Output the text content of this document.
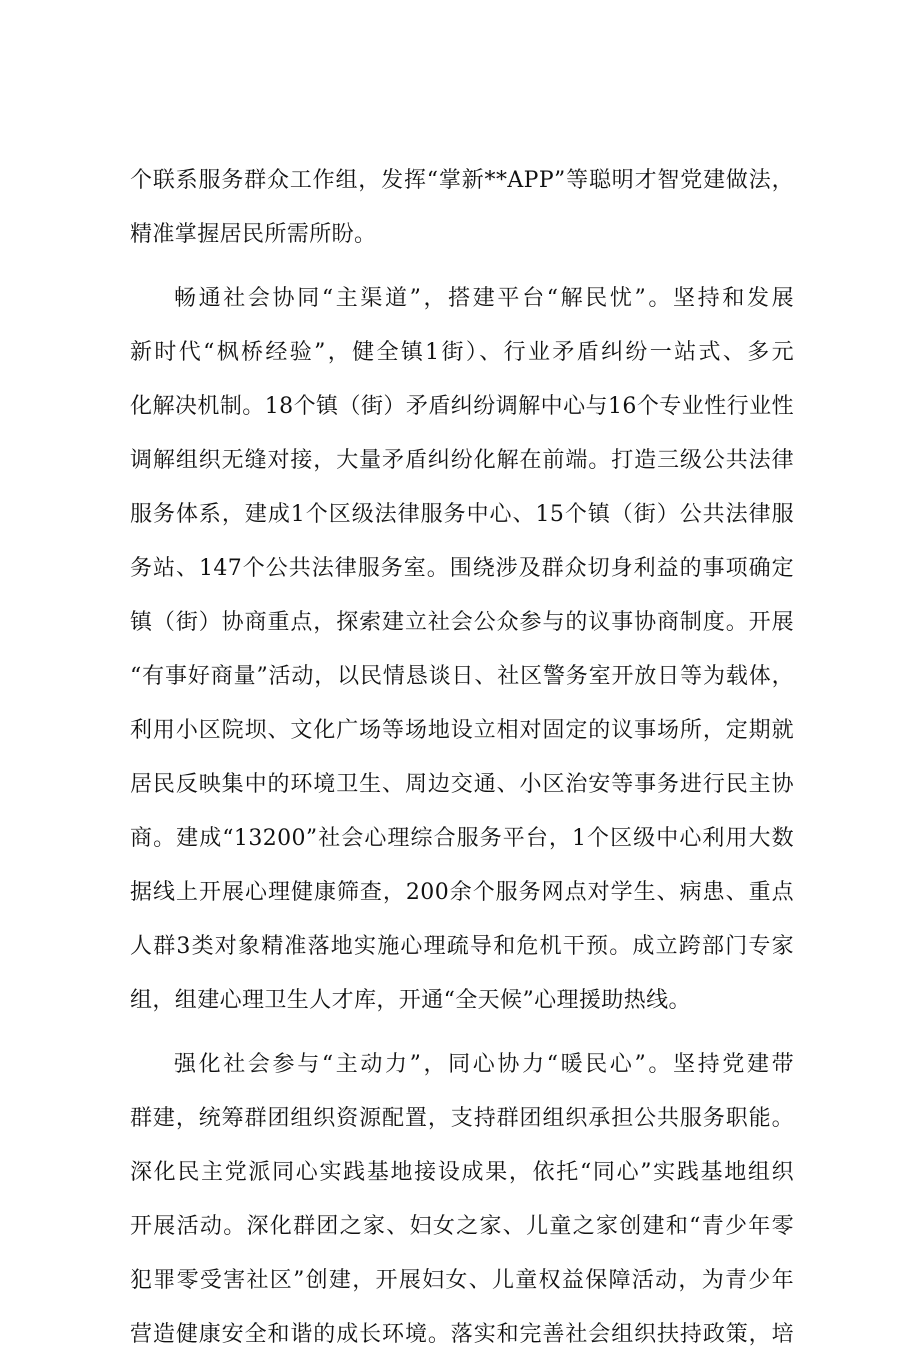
个联系服务群众工作组，发挥“掌新**APP”等聪明才智党建做法，
精准掌握居民所需所盼。
畅通社会协同“主渠道”，搭建平台“解民忧”。坚持和发展
新时代“枫桥经验”，健全镇1街）、行业矛盾纠纷一站式、多元
化解决机制。18个镇（街）矛盾纠纷调解中心与16个专业性行业性
调解组织无缝对接，大量矛盾纠纷化解在前端。打造三级公共法律
服务体系，建成1个区级法律服务中心、15个镇（街）公共法律服
务站、147个公共法律服务室。围绕涉及群众切身利益的事项确定
镇（街）协商重点，探索建立社会公众参与的议事协商制度。开展
“有事好商量”活动，以民情恳谈日、社区警务室开放日等为载体，
利用小区院坝、文化广场等场地设立相对固定的议事场所，定期就
居民反映集中的环境卫生、周边交通、小区治安等事务进行民主协
商。建成“13200”社会心理综合服务平台，1个区级中心利用大数
据线上开展心理健康筛查，200余个服务网点对学生、病患、重点
人群3类对象精准落地实施心理疏导和危机干预。成立跨部门专家
组，组建心理卫生人才库，开通“全天候”心理援助热线。
强化社会参与“主动力”，同心协力“暖民心”。坚持党建带
群建，统筹群团组织资源配置，支持群团组织承担公共服务职能。
深化民主党派同心实践基地接设成果，依托“同心”实践基地组织
开展活动。深化群团之家、妇女之家、儿童之家创建和“青少年零
犯罪零受害社区”创建，开展妇女、儿童权益保障活动，为青少年
营造健康安全和谐的成长环境。落实和完善社会组织扶持政策，培
